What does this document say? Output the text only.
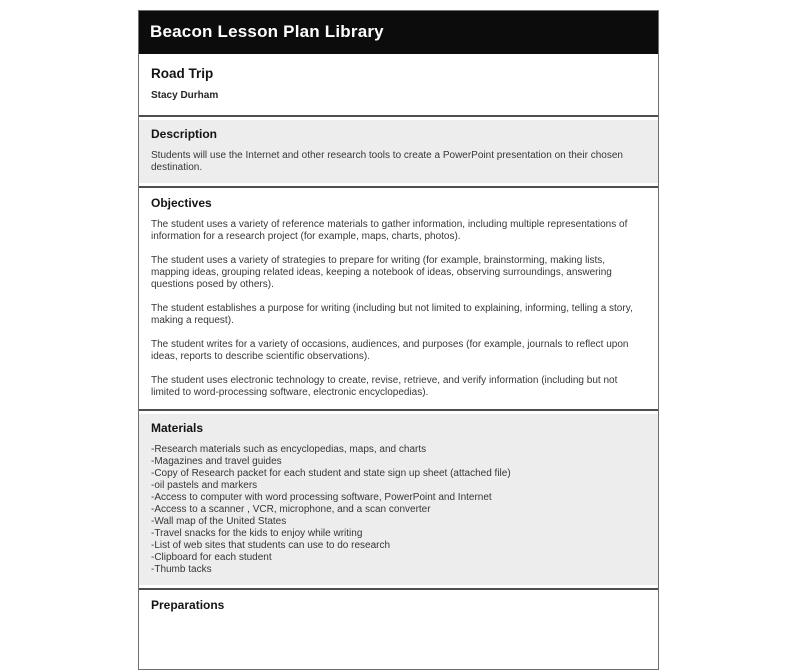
Beacon Lesson Plan Library
Road Trip
Stacy Durham
Description

Students will use the Internet and other research tools to create a PowerPoint presentation on their chosen destination.

Objectives

The student uses a variety of reference materials to gather information, including multiple representations of information for a research project (for example, maps, charts, photos).

The student uses a variety of strategies to prepare for writing (for example, brainstorming, making lists, mapping ideas, grouping related ideas, keeping a notebook of ideas, observing surroundings, answering questions posed by others).

The student establishes a purpose for writing (including but not limited to explaining, informing, telling a story, making a request).

The student writes for a variety of occasions, audiences, and purposes (for example, journals to reflect upon ideas, reports to describe scientific observations).

The student uses electronic technology to create, revise, retrieve, and verify information (including but not limited to word-processing software, electronic encyclopedias).

Materials
-Research materials such as encyclopedias, maps, and charts
-Magazines and travel guides
-Copy of Research packet for each student and state sign up sheet (attached file)
-oil pastels and markers
-Access to computer with word processing software, PowerPoint and Internet
-Access to a scanner , VCR, microphone, and a scan converter
-Wall map of the United States
-Travel snacks for the kids to enjoy while writing
-List of web sites that students can use to do research
-Clipboard for each student
-Thumb tacks
Preparations
